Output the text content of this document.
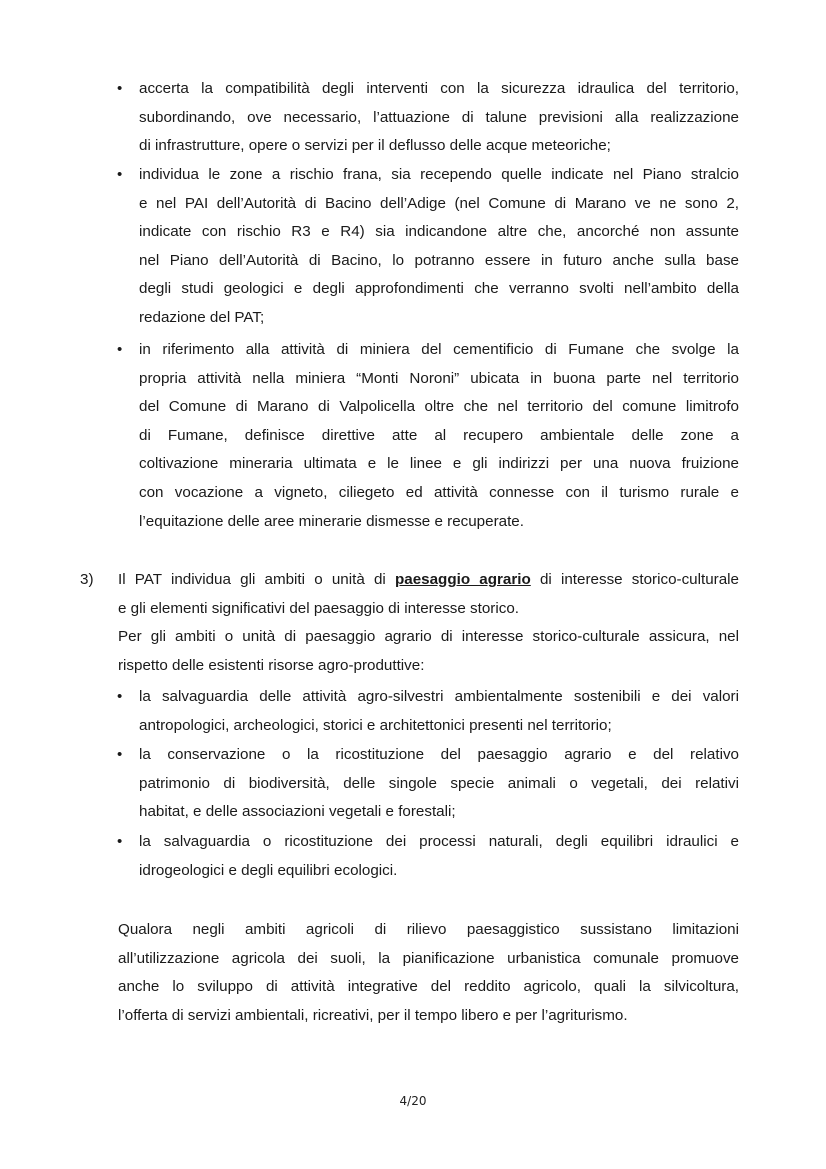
• accerta la compatibilità degli interventi con la sicurezza idraulica del territorio,
subordinando, ove necessario, l’attuazione di talune previsioni alla realizzazione
di infrastrutture, opere o servizi per il deflusso delle acque meteoriche;
• individua le zone a rischio frana, sia recependo quelle indicate nel Piano stralcio
e nel PAI dell’Autorità di Bacino dell’Adige (nel Comune di Marano ve ne sono 2,
indicate con rischio R3 e R4) sia indicandone altre che, ancorché non assunte
nel Piano dell’Autorità di Bacino, lo potranno essere in futuro anche sulla base
degli studi geologici e degli approfondimenti che verranno svolti nell’ambito della
redazione del PAT;
• in riferimento alla attività di miniera del cementificio di Fumane che svolge la
propria attività nella miniera “Monti Noroni” ubicata in buona parte nel territorio
del Comune di Marano di Valpolicella oltre che nel territorio del comune limitrofo
di Fumane, definisce direttive atte al recupero ambientale delle zone a
coltivazione mineraria ultimata e le linee e gli indirizzi per una nuova fruizione
con vocazione a vigneto, ciliegeto ed attività connesse con il turismo rurale e
l’equitazione delle aree minerarie dismesse e recuperate.
3) Il PAT individua gli ambiti o unità di paesaggio agrario di interesse storico-culturale
e gli elementi significativi del paesaggio di interesse storico.
Per gli ambiti o unità di paesaggio agrario di interesse storico-culturale assicura, nel
rispetto delle esistenti risorse agro-produttive:
• la salvaguardia delle attività agro-silvestri ambientalmente sostenibili e dei valori
antropologici, archeologici, storici e architettonici presenti nel territorio;
• la conservazione o la ricostituzione del paesaggio agrario e del relativo
patrimonio di biodiversità, delle singole specie animali o vegetali, dei relativi
habitat, e delle associazioni vegetali e forestali;
• la salvaguardia o ricostituzione dei processi naturali, degli equilibri idraulici e
idrogeologici e degli equilibri ecologici.
Qualora negli ambiti agricoli di rilievo paesaggistico sussistano limitazioni
all’utilizzazione agricola dei suoli, la pianificazione urbanistica comunale promuove
anche lo sviluppo di attività integrative del reddito agricolo, quali la silvicoltura,
l’offerta di servizi ambientali, ricreativi, per il tempo libero e per l’agriturismo.
4/20
